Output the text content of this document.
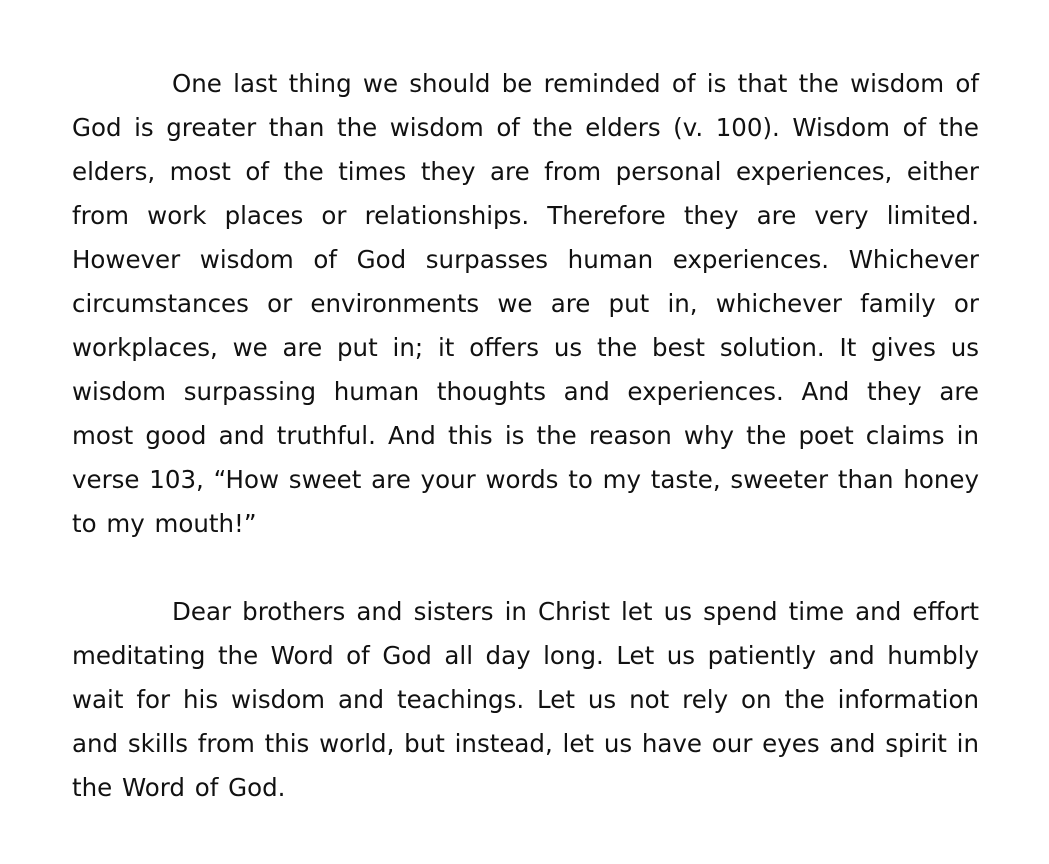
One last thing we should be reminded of is that the wisdom of God is greater than the wisdom of the elders (v. 100). Wisdom of the elders, most of the times they are from personal experiences, either from work places or relationships. Therefore they are very limited. However wisdom of God surpasses human experiences. Whichever circumstances or environments we are put in, whichever family or workplaces, we are put in; it offers us the best solution. It gives us wisdom surpassing human thoughts and experiences. And they are most good and truthful. And this is the reason why the poet claims in verse 103, “How sweet are your words to my taste, sweeter than honey to my mouth!”

Dear brothers and sisters in Christ let us spend time and effort meditating the Word of God all day long. Let us patiently and humbly wait for his wisdom and teachings. Let us not rely on the information and skills from this world, but instead, let us have our eyes and spirit in the Word of God.
